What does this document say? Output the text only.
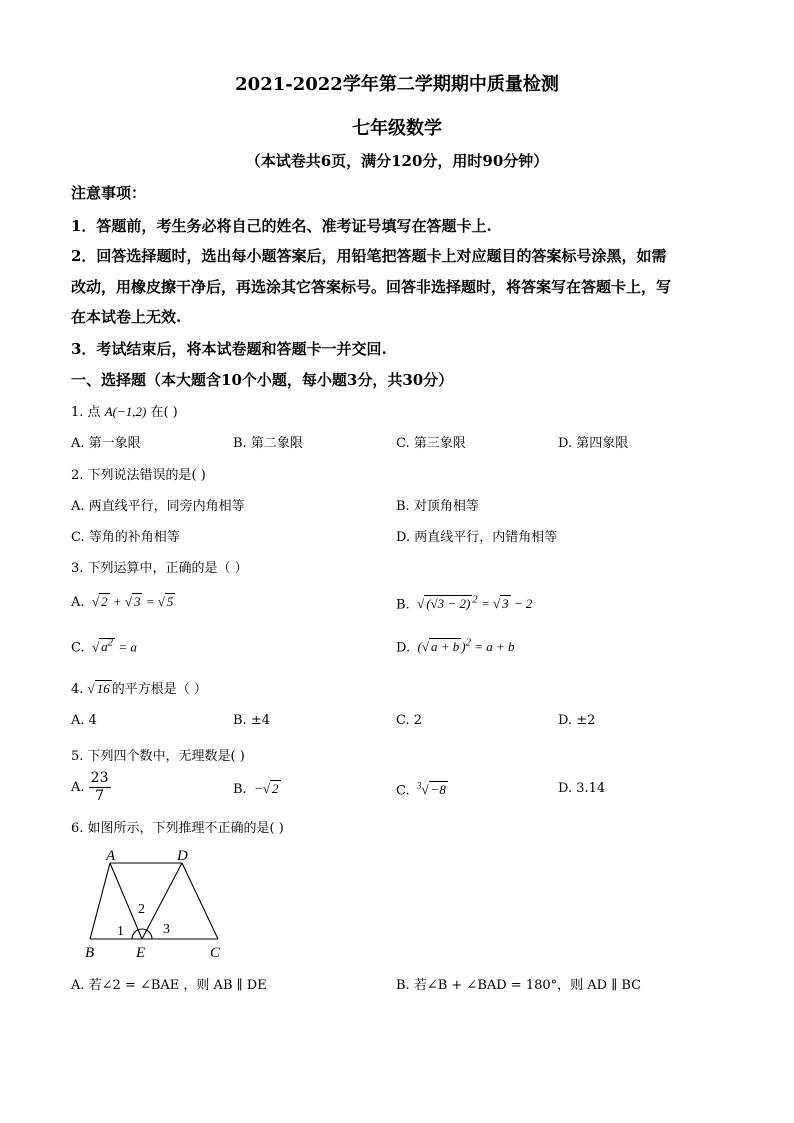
2021-2022学年第二学期期中质量检测
七年级数学
（本试卷共6页，满分120分，用时90分钟）
注意事项：
1．答题前，考生务必将自己的姓名、准考证号填写在答题卡上.
2．回答选择题时，选出每小题答案后，用铅笔把答题卡上对应题目的答案标号涂黑，如需
改动，用橡皮擦干净后，再选涂其它答案标号。回答非选择题时，将答案写在答题卡上，写
在本试卷上无效.
3．考试结束后，将本试卷题和答题卡一并交回.
一、选择题（本大题含10个小题，每小题3分，共30分）
1. 点 A(−1,2) 在( )
A. 第一象限	B. 第二象限	C. 第三象限	D. 第四象限
2. 下列说法错误的是( )
A. 两直线平行，同旁内角相等	B. 对顶角相等
C. 等角的补角相等	D. 两直线平行，内错角相等
3. 下列运算中，正确的是（ ）
A.  √ 2 + √ 3 = √ 5	B.  √ (√3 − 2) $^2$ = √ 3 − 2
C.  √ $a^2 = a$	D.  (√ a + b )$^2$ = a + b
4. √ 16 的平方根是（ ）
A. 4	B. ±4	C. 2	D. ±2
5. 下列四个数中，无理数是( )
A. $\frac{23}{7}$	B.  −√ 2	C. $^3$√ −8	D. 3.14
6. 如图所示，下列推理不正确的是( )
A	D
B	E	C
1
2
3
A. 若∠2 = ∠BAE ，则 AB ∥ DE	B. 若∠B + ∠BAD = 180°，则 AD ∥ BC
